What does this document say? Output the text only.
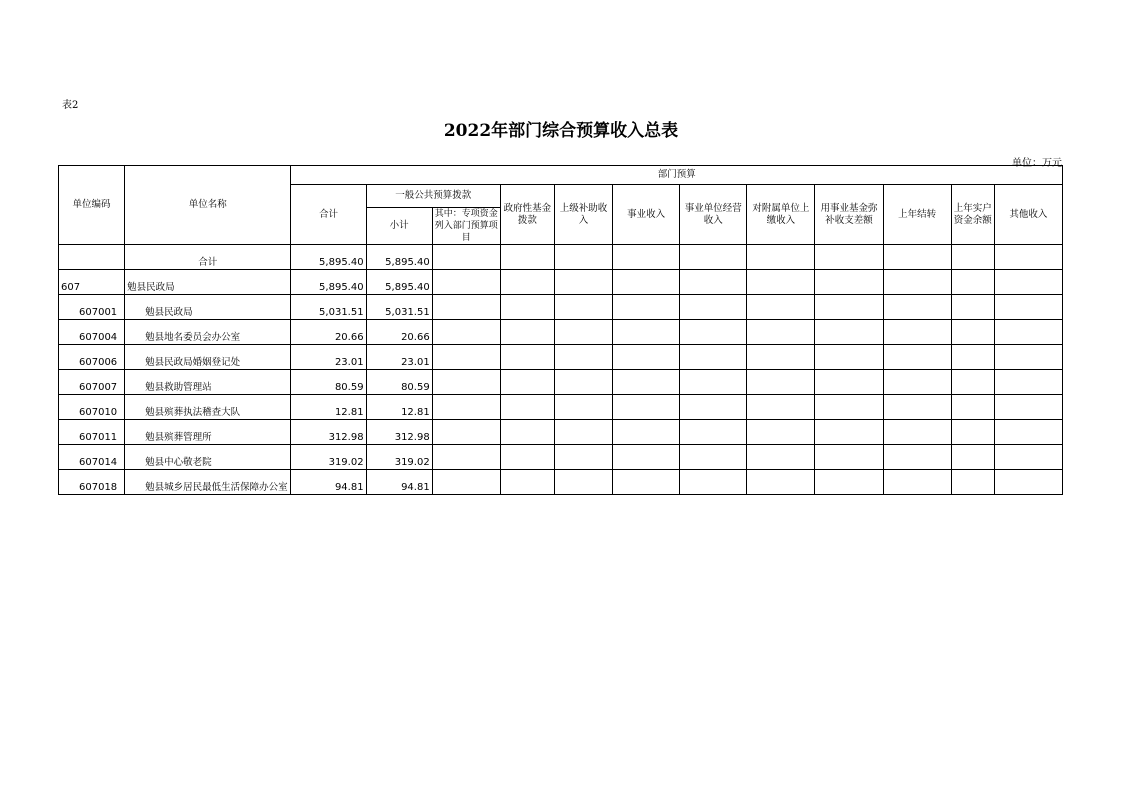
表2
2022年部门综合预算收入总表
单位：万元
单位编码	单位名称	部门预算											
		合计	一般公共预算拨款		政府性基金拨款	上级补助收入	事业收入	事业单位经营收入	对附属单位上缴收入	用事业基金弥补收支差额	上年结转	上年实户资金余额	其他收入
			小计	其中：专项资金列入部门预算项目									

	合计	5,895.40	5,895.40										
607	勉县民政局	5,895.40	5,895.40										
607001	勉县民政局	5,031.51	5,031.51										
607004	勉县地名委员会办公室	20.66	20.66										
607006	勉县民政局婚姻登记处	23.01	23.01										
607007	勉县救助管理站	80.59	80.59										
607010	勉县殡葬执法稽查大队	12.81	12.81										
607011	勉县殡葬管理所	312.98	312.98										
607014	勉县中心敬老院	319.02	319.02										
607018	勉县城乡居民最低生活保障办公室	94.81	94.81										
